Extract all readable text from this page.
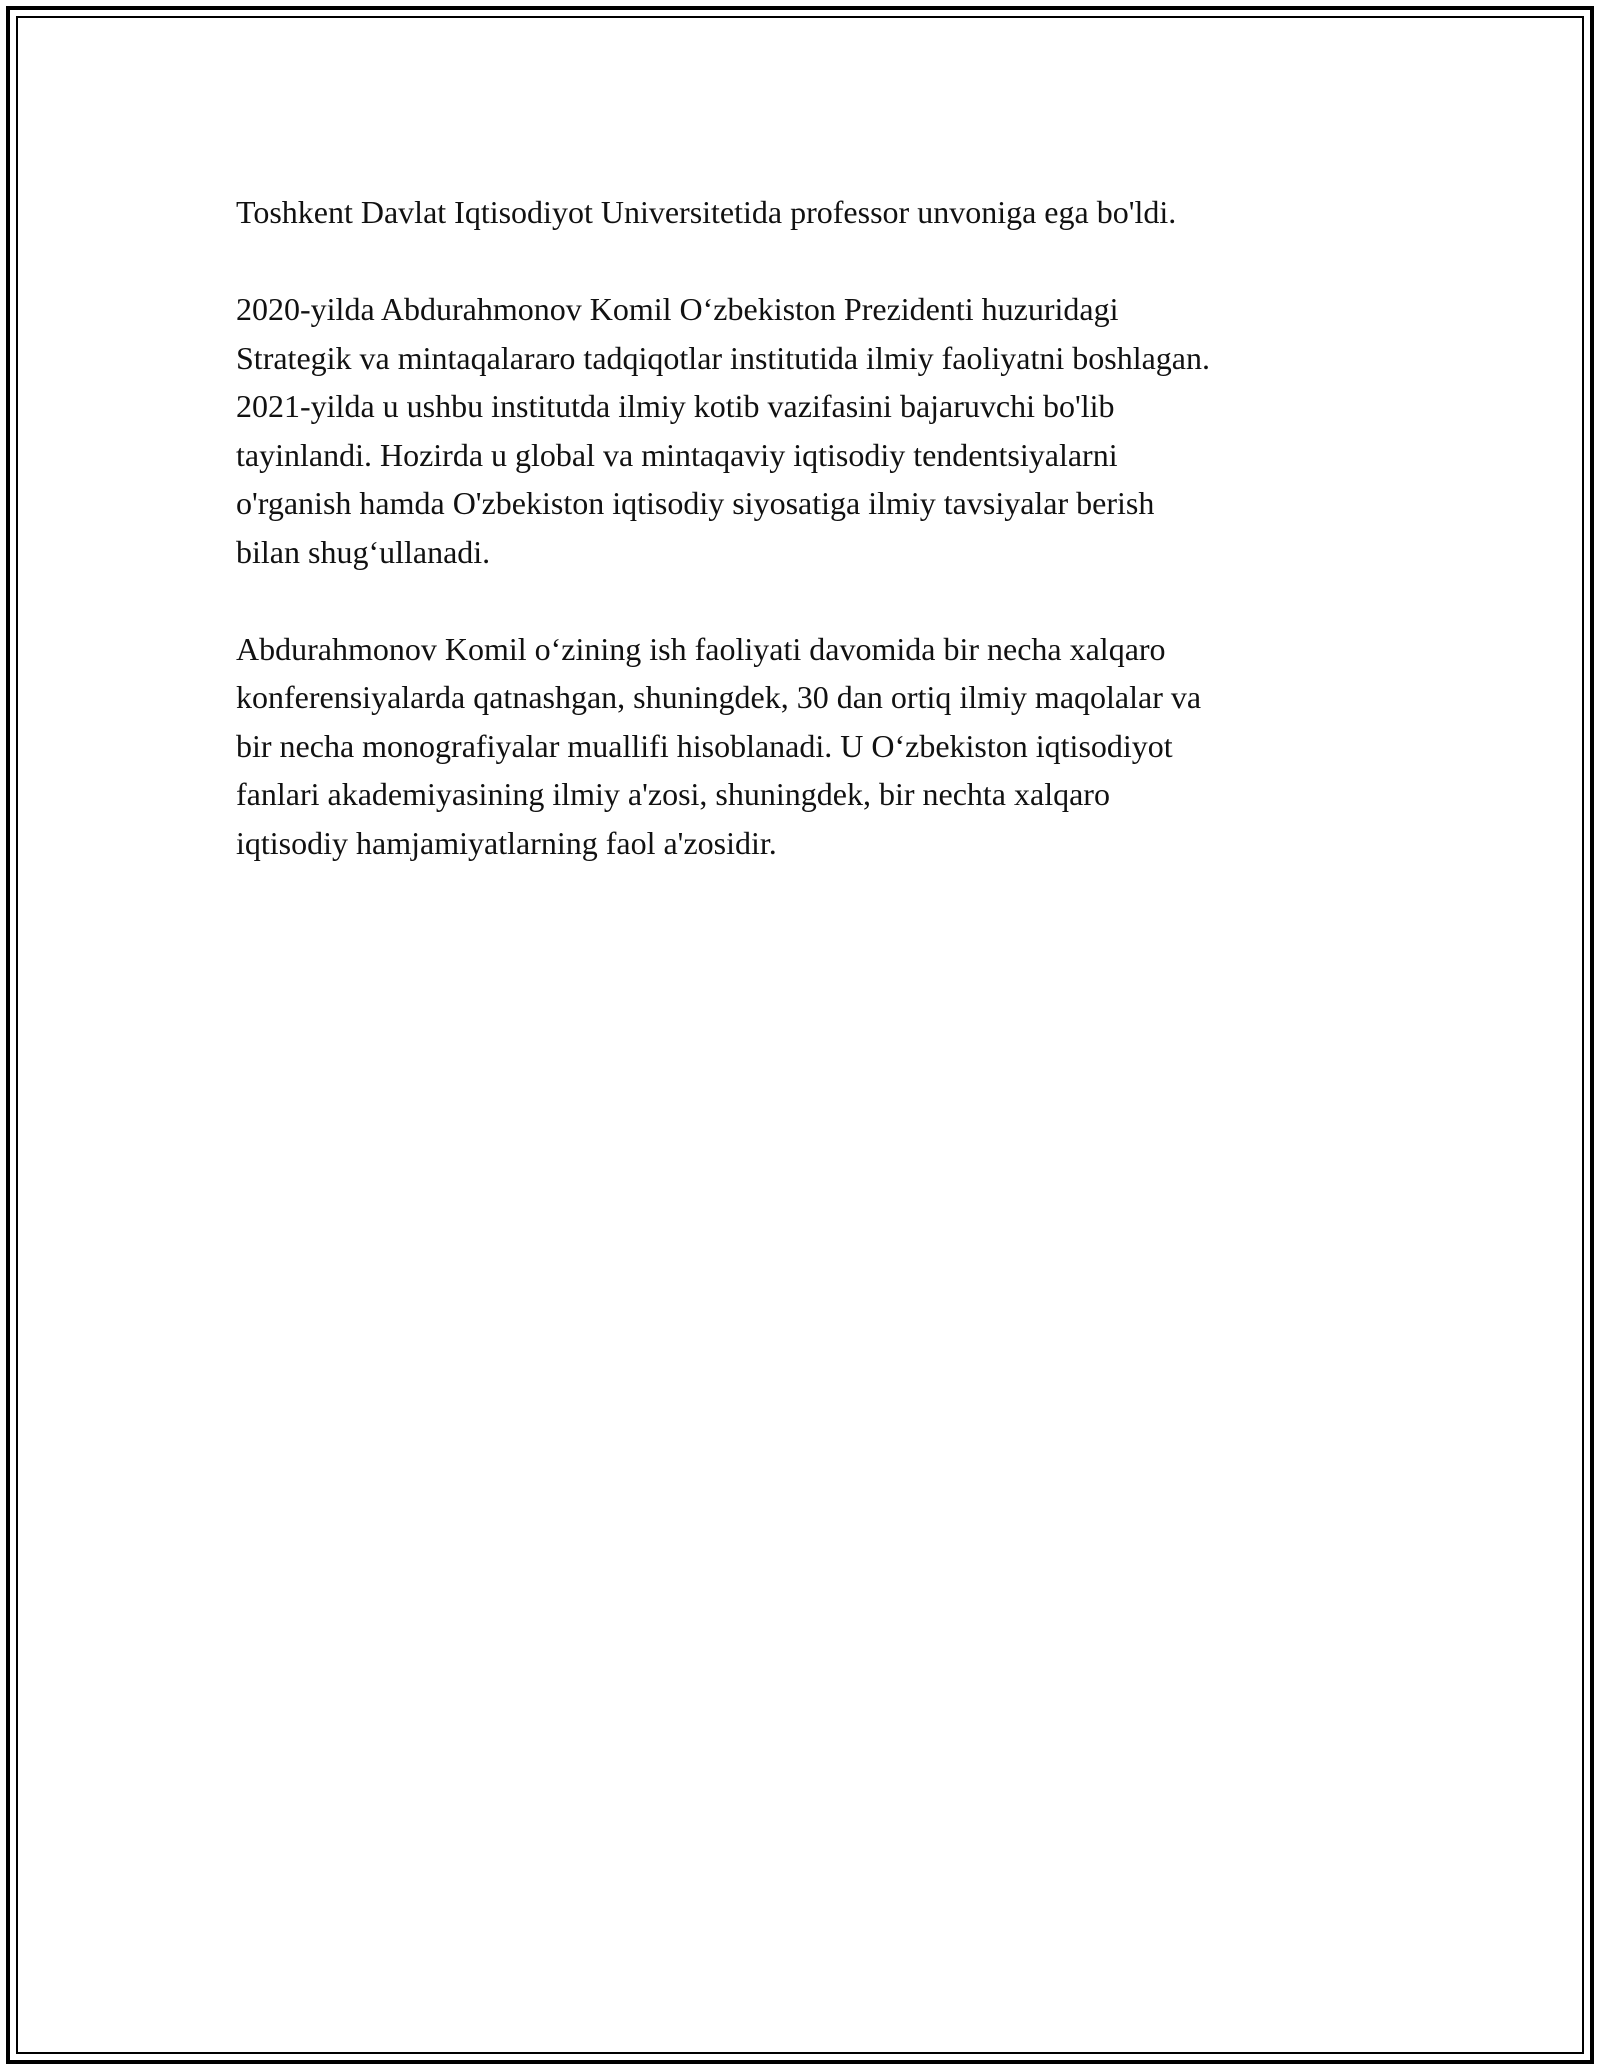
Toshkent Davlat Iqtisodiyot Universitetida professor unvoniga ega bo'ldi.

2020-yilda Abdurahmonov Komil O‘zbekiston Prezidenti huzuridagi
Strategik va mintaqalararo tadqiqotlar institutida ilmiy faoliyatni boshlagan.
2021-yilda u ushbu institutda ilmiy kotib vazifasini bajaruvchi bo'lib
tayinlandi. Hozirda u global va mintaqaviy iqtisodiy tendentsiyalarni
o'rganish hamda O'zbekiston iqtisodiy siyosatiga ilmiy tavsiyalar berish
bilan shug‘ullanadi.

Abdurahmonov Komil o‘zining ish faoliyati davomida bir necha xalqaro
konferensiyalarda qatnashgan, shuningdek, 30 dan ortiq ilmiy maqolalar va
bir necha monografiyalar muallifi hisoblanadi. U O‘zbekiston iqtisodiyot
fanlari akademiyasining ilmiy a'zosi, shuningdek, bir nechta xalqaro
iqtisodiy hamjamiyatlarning faol a'zosidir.
